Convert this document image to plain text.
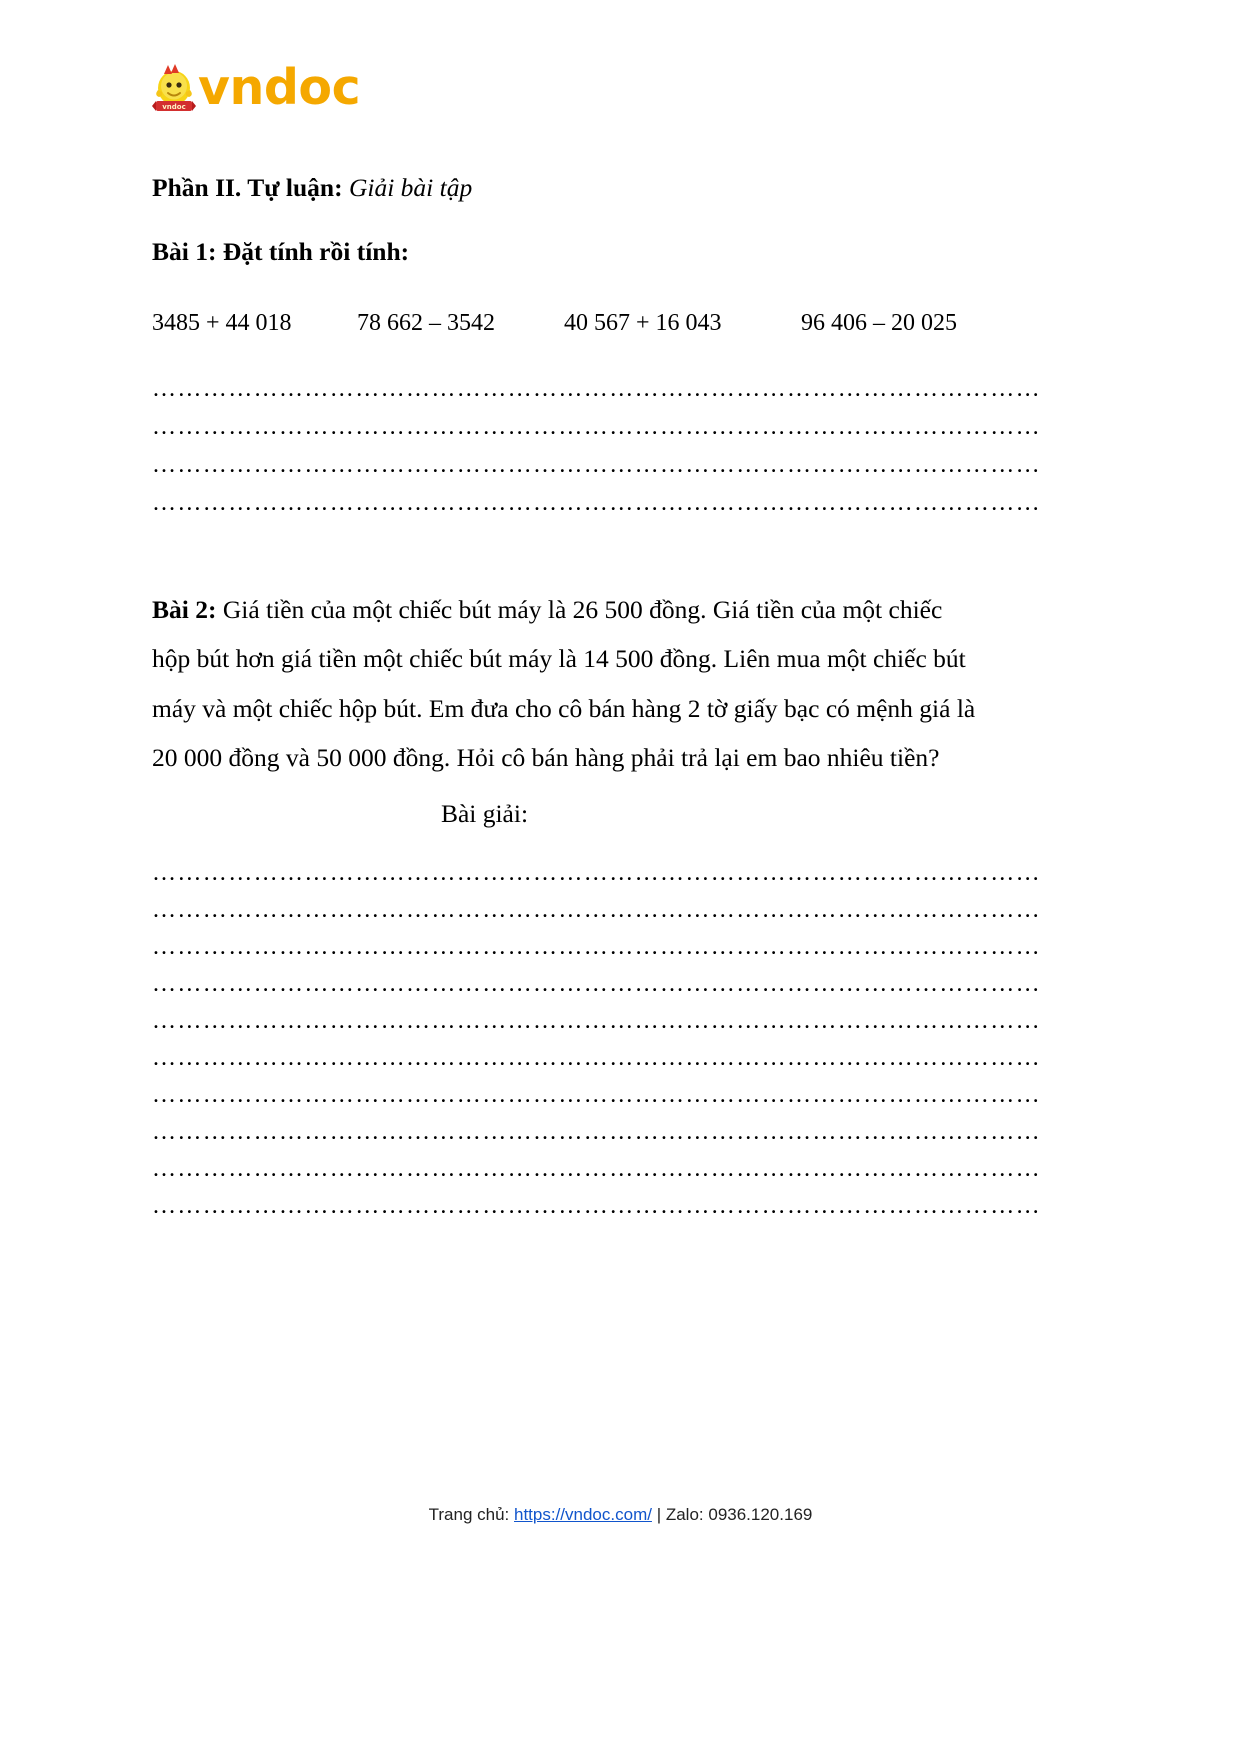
vndoc vndoc

Phần II. Tự luận: Giải bài tập

Bài 1: Đặt tính rồi tính:

3485 + 44 018	78 662 – 3542	40 567 + 16 043	96 406 – 20 025

……………………………………………………………………………………………

……………………………………………………………………………………………

……………………………………………………………………………………………

……………………………………………………………………………………………

Bài 2: Giá tiền của một chiếc bút máy là 26 500 đồng. Giá tiền của một chiếc

hộp bút hơn giá tiền một chiếc bút máy là 14 500 đồng. Liên mua một chiếc bút

máy và một chiếc hộp bút. Em đưa cho cô bán hàng 2 tờ giấy bạc có mệnh giá là

20 000 đồng và 50 000 đồng. Hỏi cô bán hàng phải trả lại em bao nhiêu tiền?

Bài giải:

……………………………………………………………………………………………

……………………………………………………………………………………………

……………………………………………………………………………………………

……………………………………………………………………………………………

……………………………………………………………………………………………

……………………………………………………………………………………………

……………………………………………………………………………………………

……………………………………………………………………………………………

……………………………………………………………………………………………

……………………………………………………………………………………………

Trang chủ: https://vndoc.com/ | Zalo: 0936.120.169
